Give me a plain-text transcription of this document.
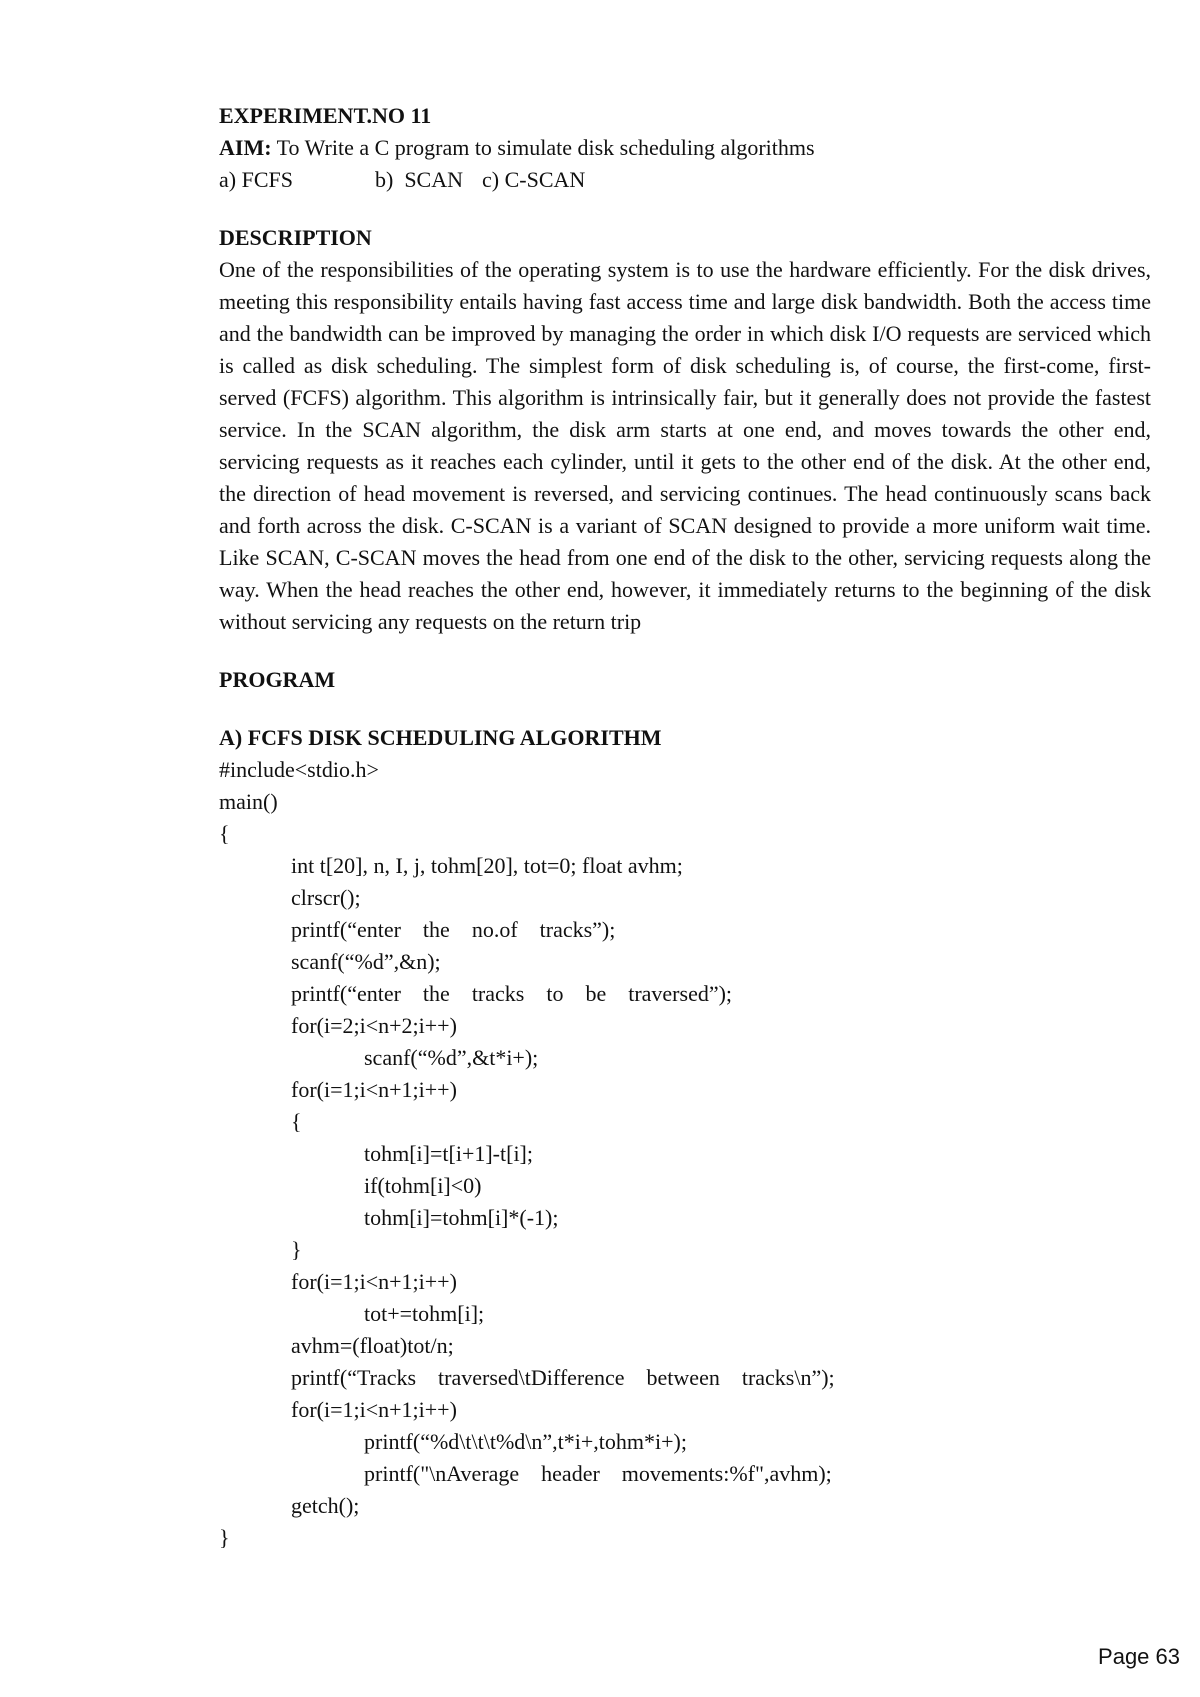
EXPERIMENT.NO 11

AIM: To Write a C program to simulate disk scheduling algorithms

a) FCFS	b)  SCAN c) C-SCAN

DESCRIPTION

One of the responsibilities of the operating system is to use the hardware efficiently. For the disk drives, meeting this responsibility entails having fast access time and large disk bandwidth. Both the access time and the bandwidth can be improved by managing the order in which disk I/O requests are serviced which is called as disk scheduling. The simplest form of disk scheduling is, of course, the first-come, first-served (FCFS) algorithm. This algorithm is intrinsically fair, but it generally does not provide the fastest service. In the SCAN algorithm, the disk arm starts at one end, and moves towards the other end, servicing requests as it reaches each cylinder, until it gets to the other end of the disk. At the other end, the direction of head movement is reversed, and servicing continues. The head continuously scans back and forth across the disk. C-SCAN is a variant of SCAN designed to provide a more uniform wait time. Like SCAN, C-SCAN moves the head from one end of the disk to the other, servicing requests along the way. When the head reaches the other end, however, it immediately returns to the beginning of the disk without servicing any requests on the return trip

PROGRAM

A) FCFS DISK SCHEDULING ALGORITHM

#include<stdio.h>
main()
{
int t[20], n, I, j, tohm[20], tot=0; float avhm;
clrscr();
printf(“enter    the    no.of    tracks”);
scanf(“%d”,&n);
printf(“enter    the    tracks    to    be    traversed”);
for(i=2;i<n+2;i++)
scanf(“%d”,&t*i+);
for(i=1;i<n+1;i++)
{
tohm[i]=t[i+1]-t[i];
if(tohm[i]<0)
tohm[i]=tohm[i]*(-1);
}
for(i=1;i<n+1;i++)
tot+=tohm[i];
avhm=(float)tot/n;
printf(“Tracks    traversed\tDifference    between    tracks\n”);
for(i=1;i<n+1;i++)
printf(“%d\t\t\t%d\n”,t*i+,tohm*i+);
printf("\nAverage    header    movements:%f",avhm);
getch();
}
Page 63
